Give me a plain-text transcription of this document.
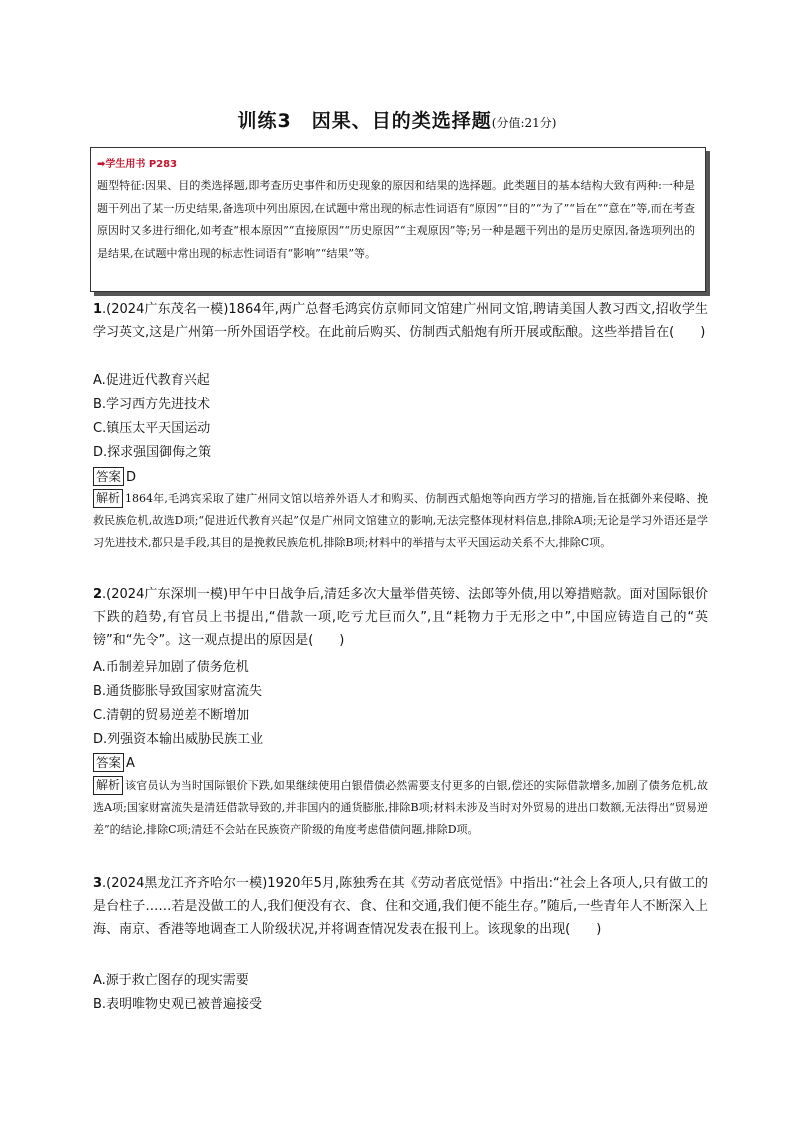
训练3　因果、目的类选择题(分值:21分)
➡学生用书 P283
题型特征:因果、目的类选择题,即考查历史事件和历史现象的原因和结果的选择题。此类题目的基本结构大致有两种:一种是题干列出了某一历史结果,备选项中列出原因,在试题中常出现的标志性词语有“原因”“目的”“为了”“旨在”“意在”等,而在考查原因时又多进行细化,如考查“根本原因”“直接原因”“历史原因”“主观原因”等;另一种是题干列出的是历史原因,备选项列出的是结果,在试题中常出现的标志性词语有“影响”“结果”等。
1.(2024广东茂名一模)1864年,两广总督毛鸿宾仿京师同文馆建广州同文馆,聘请美国人教习西文,招收学生学习英文,这是广州第一所外国语学校。在此前后购买、仿制西式船炮有所开展或酝酿。这些举措旨在(　　)
A.促进近代教育兴起
B.学习西方先进技术
C.镇压太平天国运动
D.探求强国御侮之策
答案 D
解析 1864年,毛鸿宾采取了建广州同文馆以培养外语人才和购买、仿制西式船炮等向西方学习的措施,旨在抵御外来侵略、挽救民族危机,故选D项;“促进近代教育兴起”仅是广州同文馆建立的影响,无法完整体现材料信息,排除A项;无论是学习外语还是学习先进技术,都只是手段,其目的是挽救民族危机,排除B项;材料中的举措与太平天国运动关系不大,排除C项。
2.(2024广东深圳一模)甲午中日战争后,清廷多次大量举借英镑、法郎等外债,用以筹措赔款。面对国际银价下跌的趋势,有官员上书提出,“借款一项,吃亏尤巨而久”,且“耗物力于无形之中”,中国应铸造自己的“英镑”和“先令”。这一观点提出的原因是(　　)
A.币制差异加剧了债务危机
B.通货膨胀导致国家财富流失
C.清朝的贸易逆差不断增加
D.列强资本输出威胁民族工业
答案 A
解析 该官员认为当时国际银价下跌,如果继续使用白银借债必然需要支付更多的白银,偿还的实际借款增多,加剧了债务危机,故选A项;国家财富流失是清廷借款导致的,并非国内的通货膨胀,排除B项;材料未涉及当时对外贸易的进出口数额,无法得出“贸易逆差”的结论,排除C项;清廷不会站在民族资产阶级的角度考虑借债问题,排除D项。
3.(2024黑龙江齐齐哈尔一模)1920年5月,陈独秀在其《劳动者底觉悟》中指出:“社会上各项人,只有做工的是台柱子……若是没做工的人,我们便没有衣、食、住和交通,我们便不能生存。”随后,一些青年人不断深入上海、南京、香港等地调查工人阶级状况,并将调查情况发表在报刊上。该现象的出现(　　)
A.源于救亡图存的现实需要
B.表明唯物史观已被普遍接受
